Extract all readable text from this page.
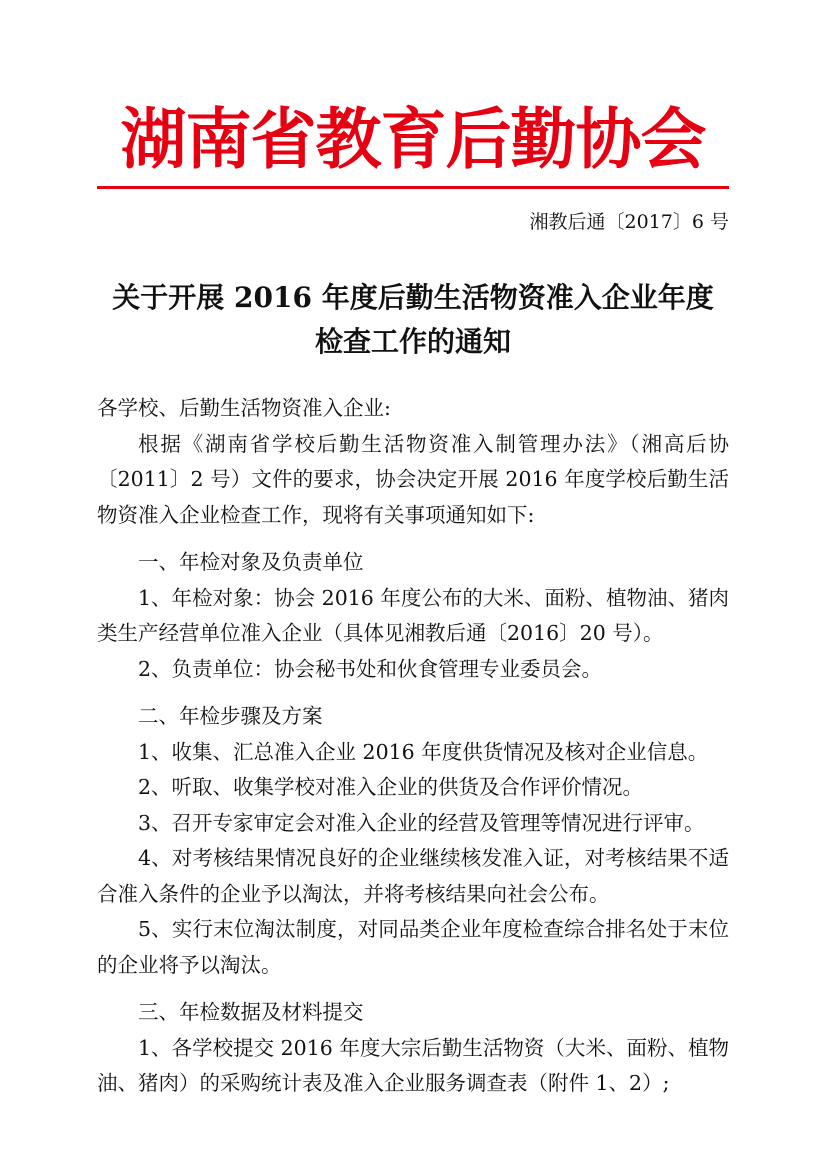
湖南省教育后勤协会
湘教后通〔2017〕6 号
关于开展 2016 年度后勤生活物资准入企业年度
检查工作的通知

各学校、后勤生活物资准入企业:

根据《湖南省学校后勤生活物资准入制管理办法》（湘高后协〔2011〕2 号）文件的要求，协会决定开展 2016 年度学校后勤生活物资准入企业检查工作，现将有关事项通知如下:

一、年检对象及负责单位

1、年检对象：协会 2016 年度公布的大米、面粉、植物油、猪肉类生产经营单位准入企业（具体见湘教后通〔2016〕20 号）。

2、负责单位：协会秘书处和伙食管理专业委员会。

二、年检步骤及方案

1、收集、汇总准入企业 2016 年度供货情况及核对企业信息。

2、听取、收集学校对准入企业的供货及合作评价情况。

3、召开专家审定会对准入企业的经营及管理等情况进行评审。

4、对考核结果情况良好的企业继续核发准入证，对考核结果不适合准入条件的企业予以淘汰，并将考核结果向社会公布。

5、实行末位淘汰制度，对同品类企业年度检查综合排名处于末位的企业将予以淘汰。

三、年检数据及材料提交

1、各学校提交 2016 年度大宗后勤生活物资（大米、面粉、植物油、猪肉）的采购统计表及准入企业服务调查表（附件 1、2）;
